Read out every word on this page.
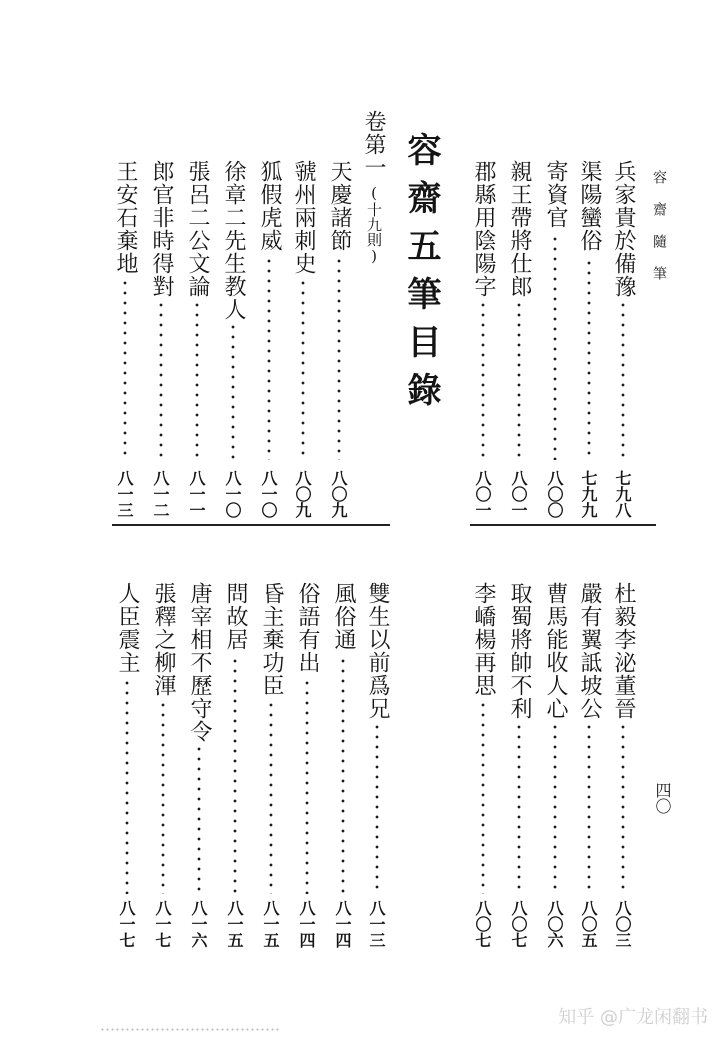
容齋隨筆
四〇
兵家貴於備豫
七九八
渠陽蠻俗
七九九
寄資官
八〇〇
親王帶將仕郎
八〇一
郡縣用陰陽字
八〇一
容齋五筆目錄
卷第一
(十九則)
天慶諸節
八〇九
虢州兩刺史
八〇九
狐假虎威
八一〇
徐章二先生教人
八一〇
張呂二公文論
八一一
郎官非時得對
八一二
王安石棄地
八一三
杜毅李泌董晉
八〇三
嚴有翼詆坡公
八〇五
曹馬能收人心
八〇六
取蜀將帥不利
八〇七
李嶠楊再思
八〇七
雙生以前爲兄
八一三
風俗通
八一四
俗語有出
八一四
昏主棄功臣
八一五
問故居
八一五
唐宰相不歷守令
八一六
張釋之柳渾
八一七
人臣震主
八一七
知乎 @广龙闲翻书
